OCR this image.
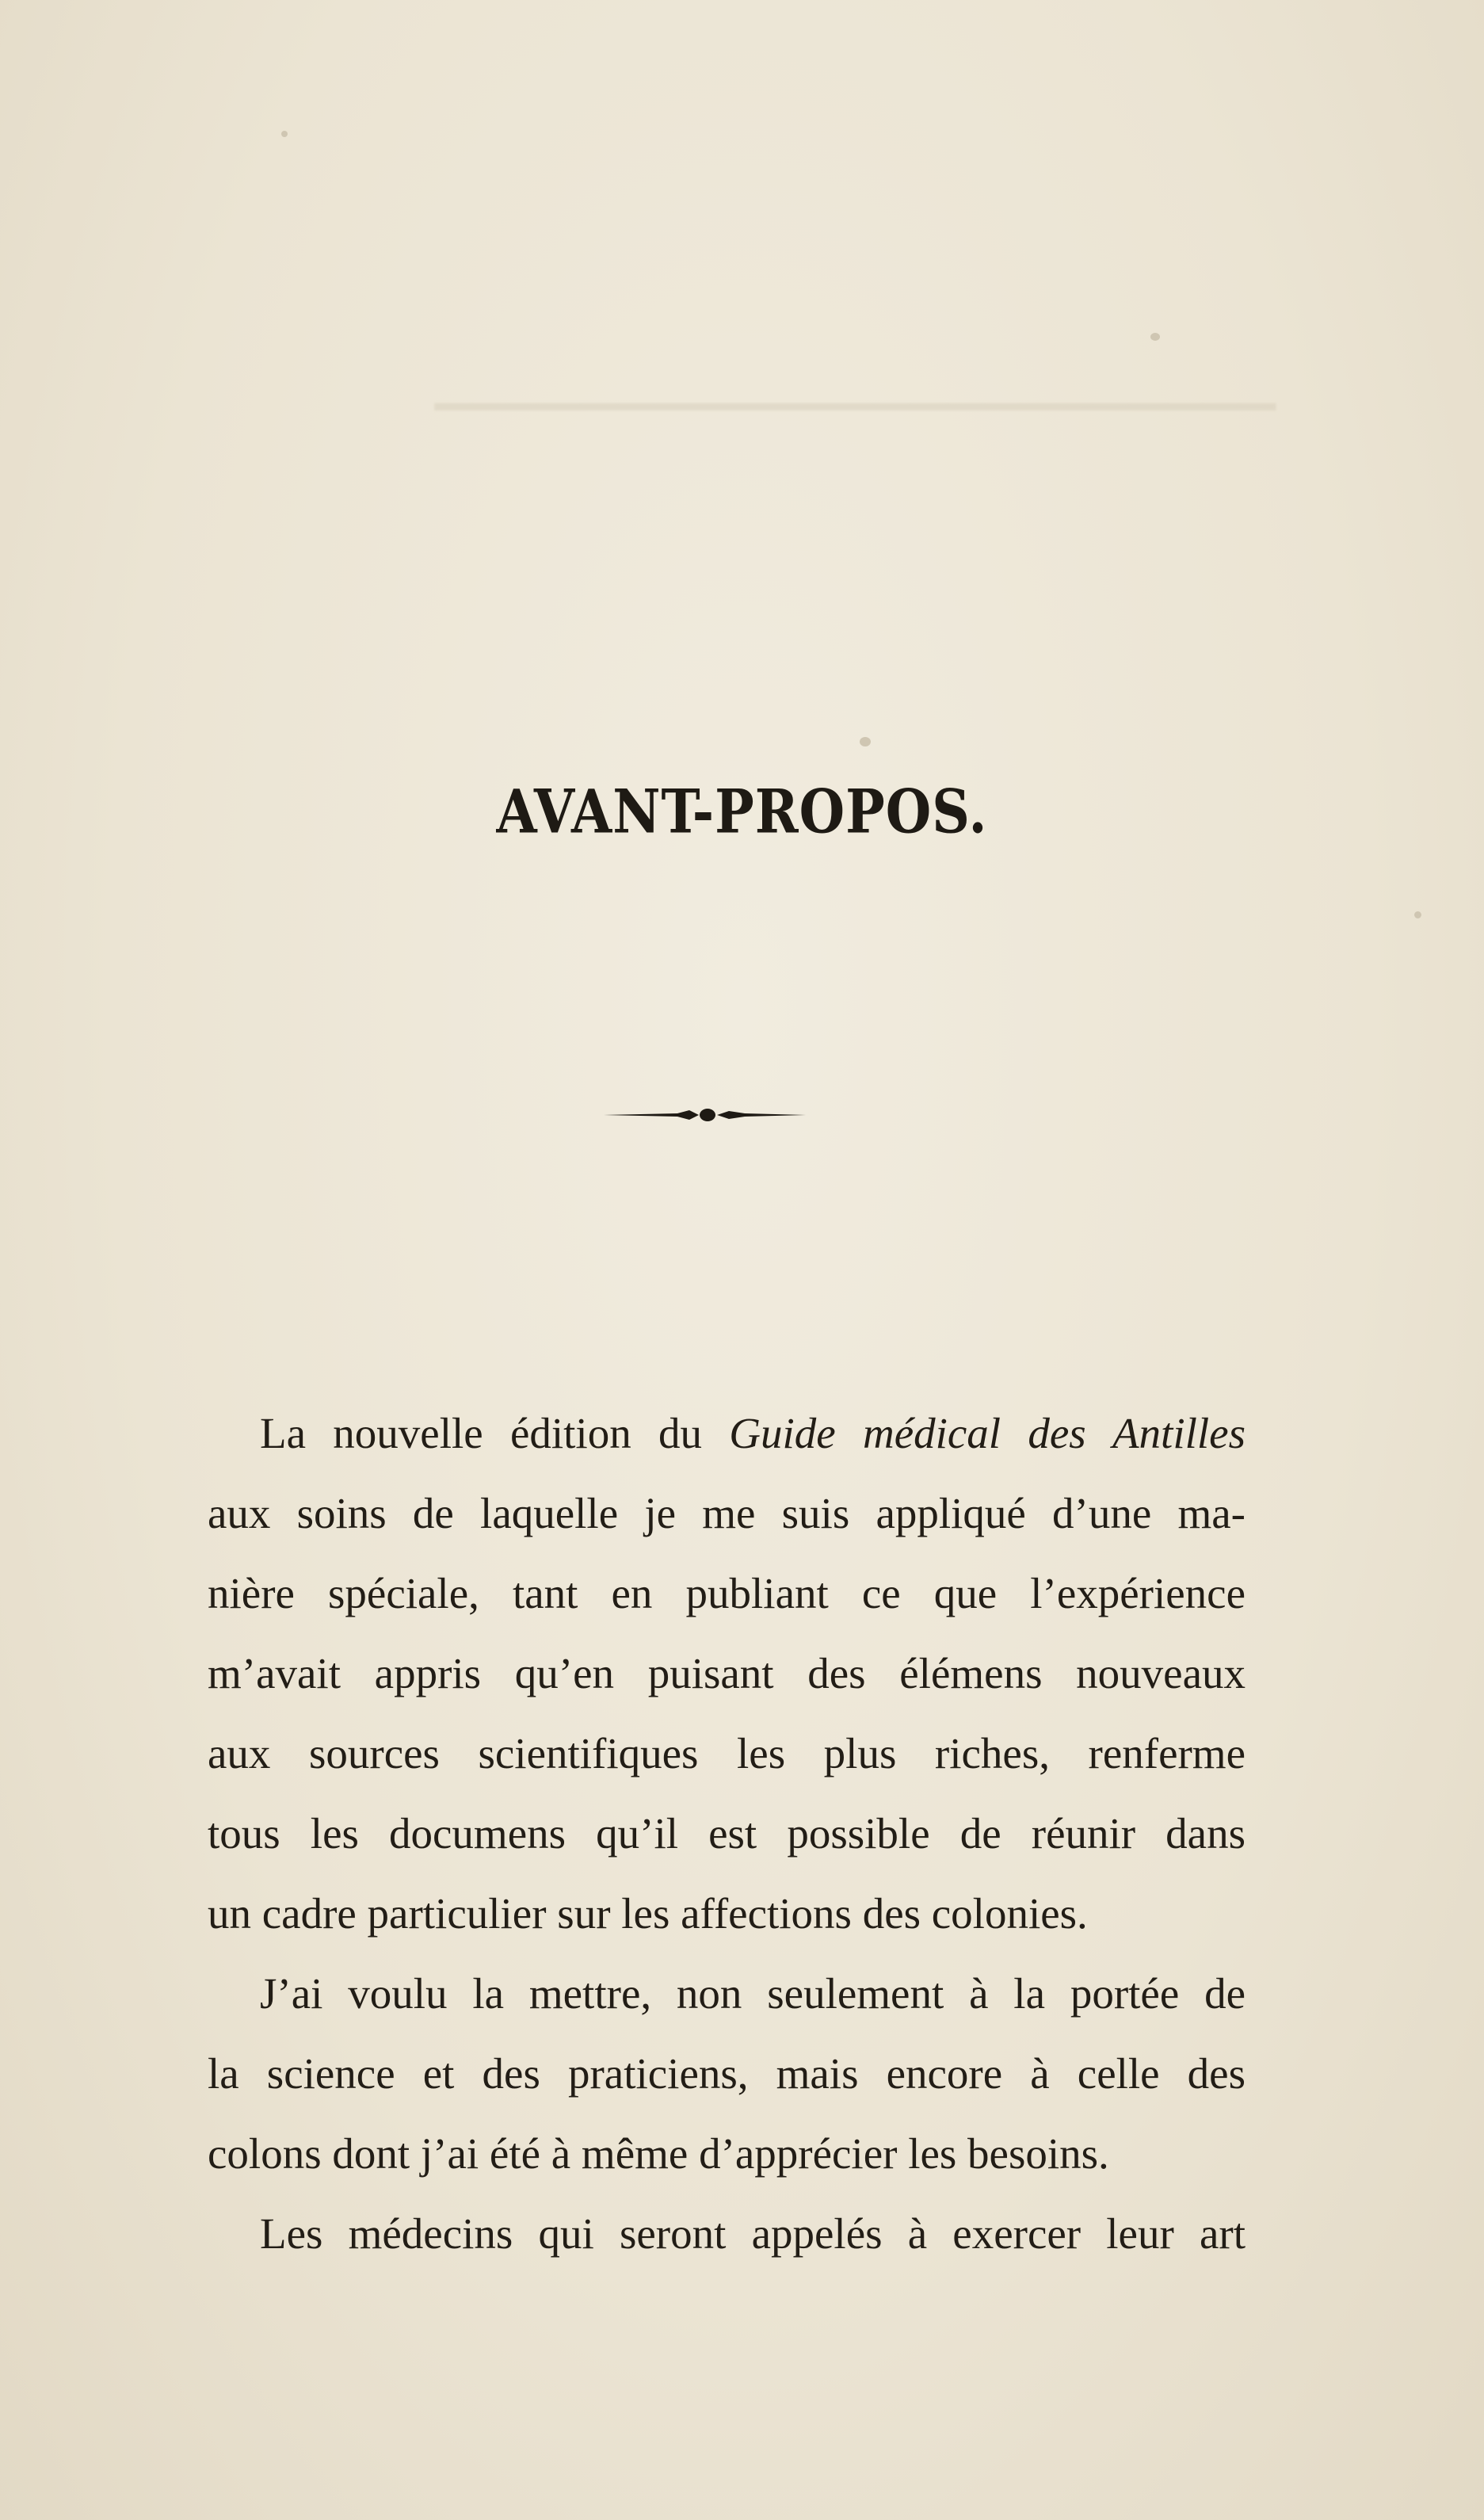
▔▔▔▔▔▔▔▔▔▔▔▔▔▔▔▔▔▔▔▔▔▔▔

AVANT-PROPOS.
La nouvelle édition du Guide médical des Antilles
aux soins de laquelle je me suis appliqué d’une ma-
nière spéciale, tant en publiant ce que l’expérience
m’avait appris qu’en puisant des élémens nouveaux
aux sources scientifiques les plus riches, renferme
tous les documens qu’il est possible de réunir dans
un cadre particulier sur les affections des colonies.
J’ai voulu la mettre, non seulement à la portée de
la science et des praticiens, mais encore à celle des
colons dont j’ai été à même d’apprécier les besoins.
Les médecins qui seront appelés à exercer leur art
